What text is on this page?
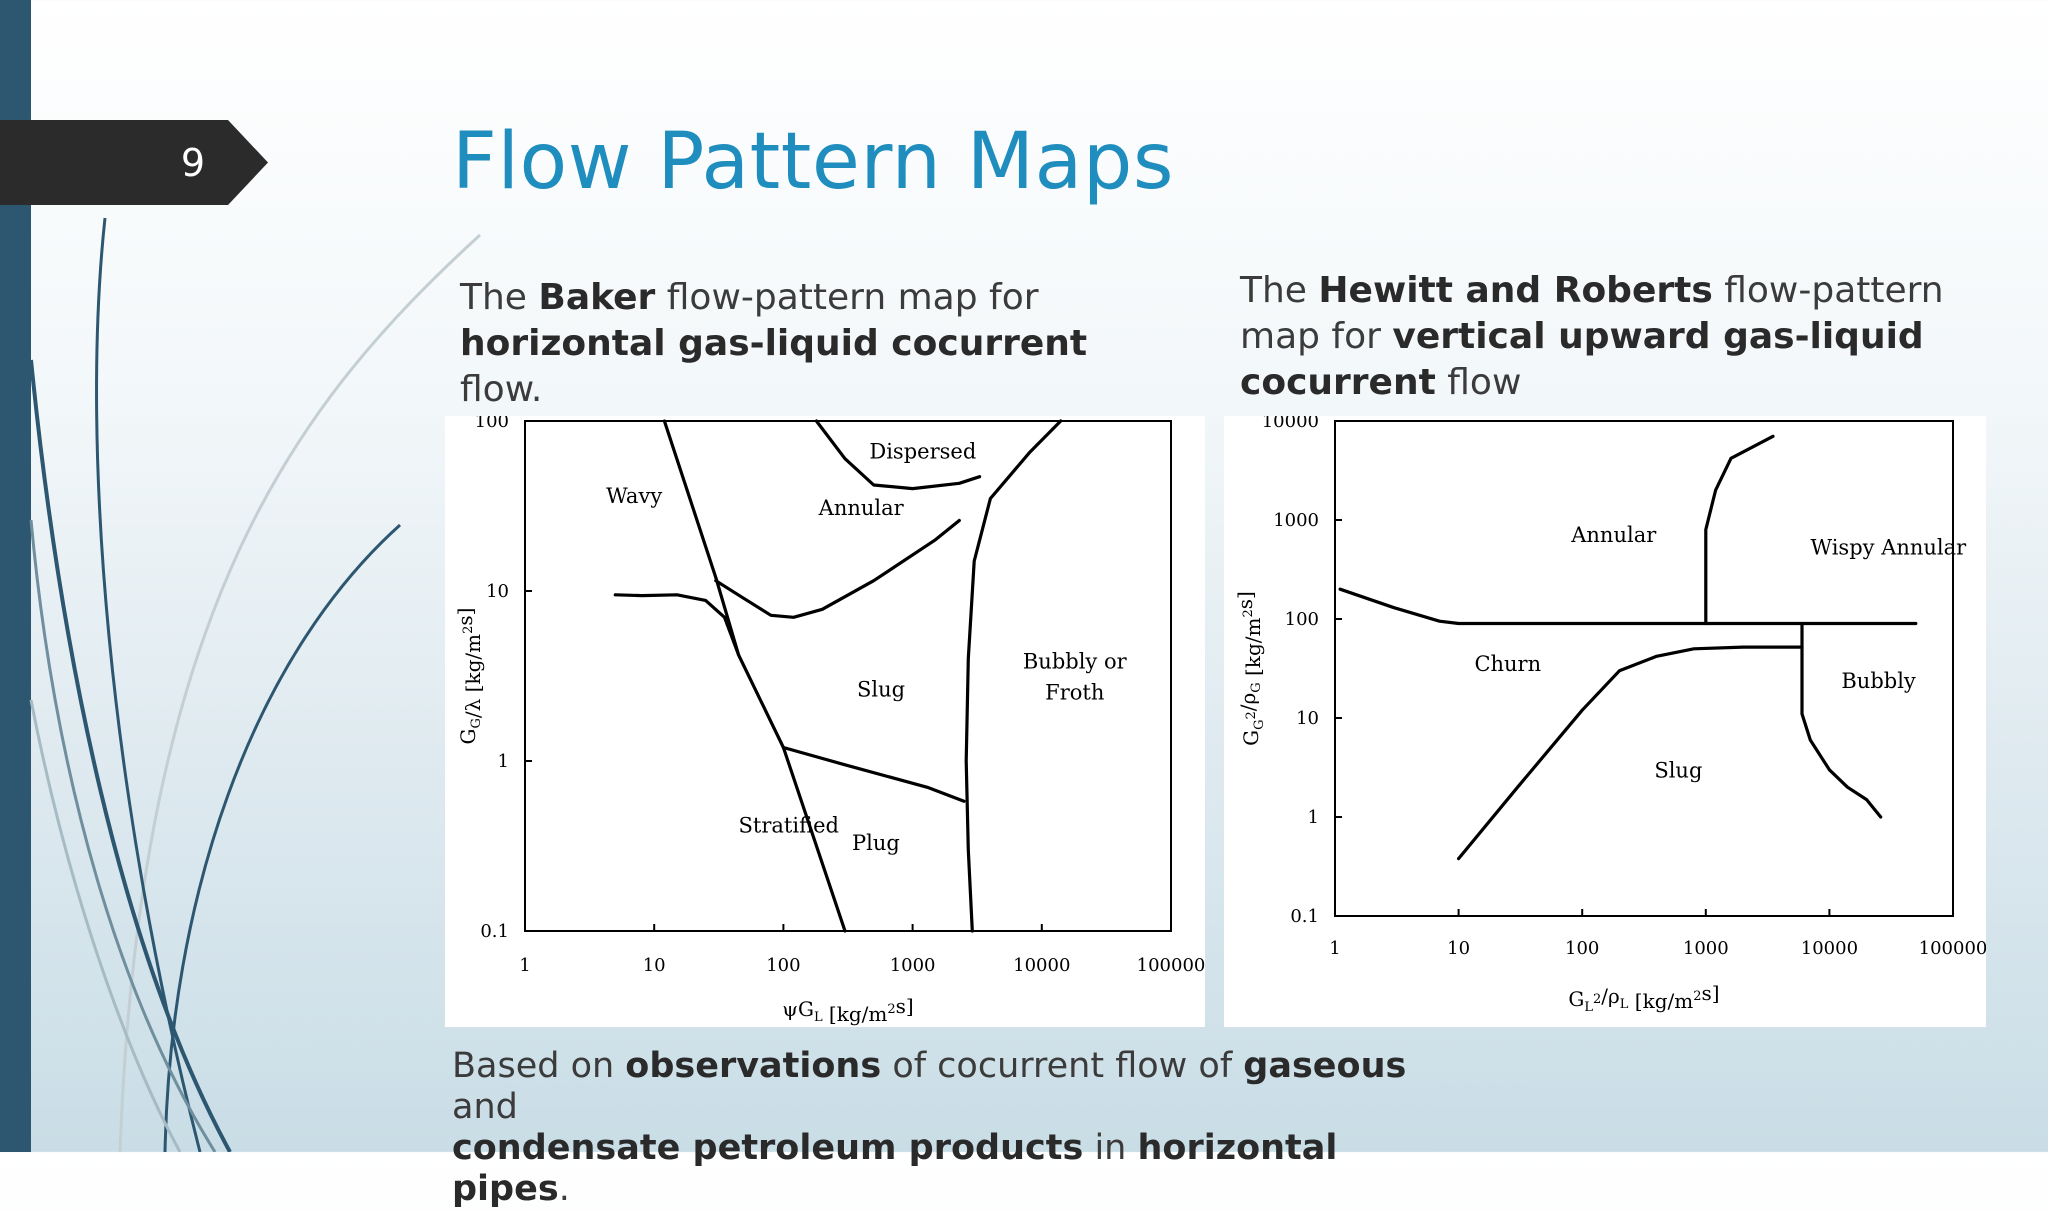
9	Flow Pattern Maps
The Baker flow-pattern map for
horizontal gas-liquid cocurrent flow.
The Hewitt and Roberts flow-pattern
map for vertical upward gas-liquid
cocurrent flow
1	10	100	1000	10000	100000
0.1
1
10
100
Dispersed
Wavy
Annular
Bubbly or
Froth
Slug
Stratified
Plug
$\psi G_L$ $[kg/m^2s]$
$G_G/\lambda$ $[kg/m^2s]$
1	10	100	1000	10000	100000
0.1
1
10
100
1000
10000
Annular
Wispy Annular
Churn
Bubbly
Slug
$G_L^2/\rho_L$ $[kg/m^2s]$
$G_G^2/\rho_G$ $[kg/m^2s]$
Based on observations of cocurrent flow of gaseous and
condensate petroleum products in horizontal pipes.
